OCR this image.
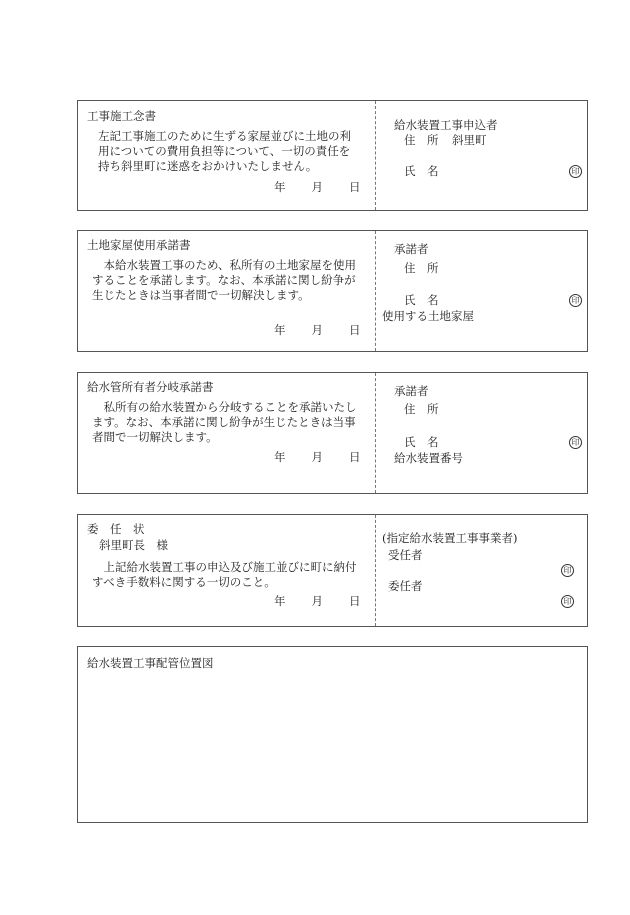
工事施工念書
左記工事施工のために生ずる家屋並びに土地の利用についての費用負担等について、一切の責任を持ち斜里町に迷惑をおかけいたしません。
年 月 日
給水装置工事申込者
住　所 斜里町
氏　名	印
土地家屋使用承諾書
本給水装置工事のため、私所有の土地家屋を使用することを承諾します。なお、本承諾に関し紛争が生じたときは当事者間で一切解決します。
年 月 日
承諾者
住　所
氏　名	印
使用する土地家屋
給水管所有者分岐承諾書
私所有の給水装置から分岐することを承諾いたします。なお、本承諾に関し紛争が生じたときは当事者間で一切解決します。
年 月 日
承諾者
住　所
氏　名	印
給水装置番号
委　任　状
斜里町長　様
上記給水装置工事の申込及び施工並びに町に納付すべき手数料に関する一切のこと。
年 月 日
(指定給水装置工事事業者)
受任者
印
委任者
印
給水装置工事配管位置図
